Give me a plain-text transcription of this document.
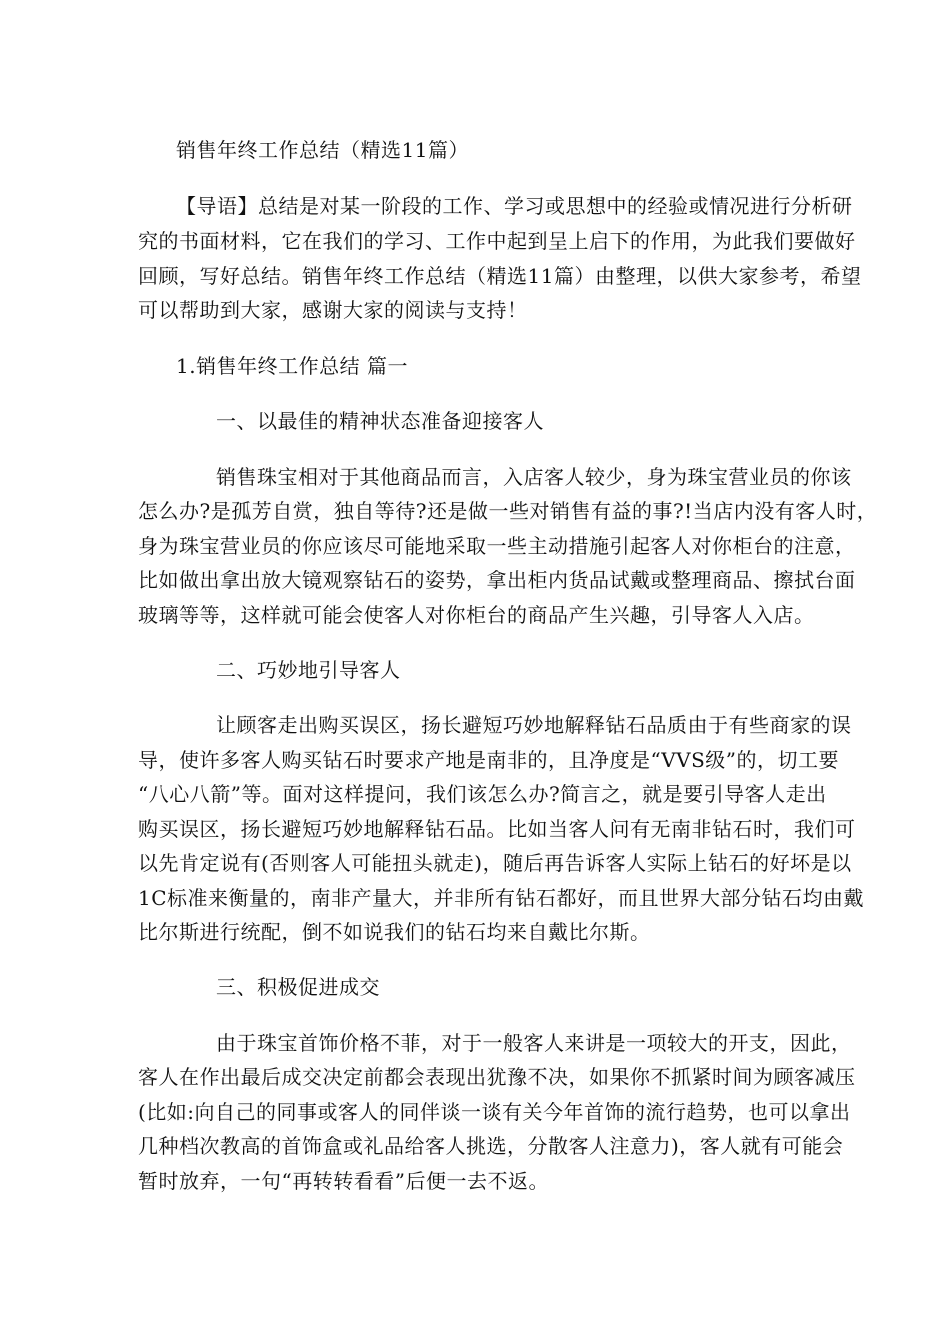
销售年终工作总结（精选11篇）
【导语】总结是对某一阶段的工作、学习或思想中的经验或情况进行分析研
究的书面材料，它在我们的学习、工作中起到呈上启下的作用，为此我们要做好
回顾，写好总结。销售年终工作总结（精选11篇）由整理，以供大家参考，希望
可以帮助到大家，感谢大家的阅读与支持！
1.销售年终工作总结 篇一
一、以最佳的精神状态准备迎接客人
销售珠宝相对于其他商品而言，入店客人较少，身为珠宝营业员的你该
怎么办?是孤芳自赏，独自等待?还是做一些对销售有益的事?!当店内没有客人时，
身为珠宝营业员的你应该尽可能地采取一些主动措施引起客人对你柜台的注意，
比如做出拿出放大镜观察钻石的姿势，拿出柜内货品试戴或整理商品、擦拭台面
玻璃等等，这样就可能会使客人对你柜台的商品产生兴趣，引导客人入店。
二、巧妙地引导客人
让顾客走出购买误区，扬长避短巧妙地解释钻石品质由于有些商家的误
导，使许多客人购买钻石时要求产地是南非的，且净度是“VVS级”的，切工要
“八心八箭”等。面对这样提问，我们该怎么办?简言之，就是要引导客人走出
购买误区，扬长避短巧妙地解释钻石品。比如当客人问有无南非钻石时，我们可
以先肯定说有(否则客人可能扭头就走)，随后再告诉客人实际上钻石的好坏是以
1C标准来衡量的，南非产量大，并非所有钻石都好，而且世界大部分钻石均由戴
比尔斯进行统配，倒不如说我们的钻石均来自戴比尔斯。
三、积极促进成交
由于珠宝首饰价格不菲，对于一般客人来讲是一项较大的开支，因此，
客人在作出最后成交决定前都会表现出犹豫不决，如果你不抓紧时间为顾客减压
(比如:向自己的同事或客人的同伴谈一谈有关今年首饰的流行趋势，也可以拿出
几种档次教高的首饰盒或礼品给客人挑选，分散客人注意力)，客人就有可能会
暂时放弃，一句“再转转看看”后便一去不返。
